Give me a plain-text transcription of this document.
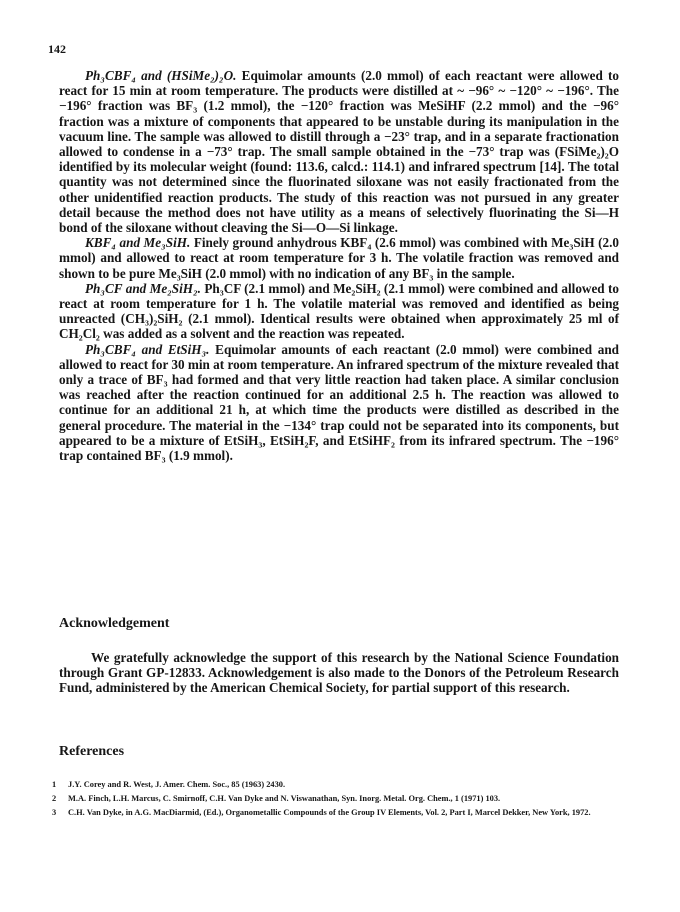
142

Ph₃CBF₄ and (HSiMe₂)₂O. Equimolar amounts (2.0 mmol) of each reactant were allowed to react for 15 min at room temperature. The products were distilled at ~ −96° ~ −120° ~ −196°. The −196° fraction was BF₃ (1.2 mmol), the −120° fraction was MeSiHF (2.2 mmol) and the −96° fraction was a mixture of components that appeared to be unstable during its manipulation in the vacuum line. The sample was allowed to distill through a −23° trap, and in a separate fractionation allowed to condense in a −73° trap. The small sample obtained in the −73° trap was (FSiMe₂)₂O identified by its molecular weight (found: 113.6, calcd.: 114.1) and infrared spectrum [14]. The total quantity was not determined since the fluorinated siloxane was not easily fractionated from the other unidentified reaction products. The study of this reaction was not pursued in any greater detail because the method does not have utility as a means of selectively fluorinating the Si—H bond of the siloxane without cleaving the Si—O—Si linkage.

KBF₄ and Me₃SiH. Finely ground anhydrous KBF₄ (2.6 mmol) was combined with Me₃SiH (2.0 mmol) and allowed to react at room temperature for 3 h. The volatile fraction was removed and shown to be pure Me₃SiH (2.0 mmol) with no indication of any BF₃ in the sample.

Ph₃CF and Me₂SiH₂. Ph₃CF (2.1 mmol) and Me₂SiH₂ (2.1 mmol) were combined and allowed to react at room temperature for 1 h. The volatile material was removed and identified as being unreacted (CH₃)₂SiH₂ (2.1 mmol). Identical results were obtained when approximately 25 ml of CH₂Cl₂ was added as a solvent and the reaction was repeated.

Ph₃CBF₄ and EtSiH₃. Equimolar amounts of each reactant (2.0 mmol) were combined and allowed to react for 30 min at room temperature. An infrared spectrum of the mixture revealed that only a trace of BF₃ had formed and that very little reaction had taken place. A similar conclusion was reached after the reaction continued for an additional 2.5 h. The reaction was allowed to continue for an additional 21 h, at which time the products were distilled as described in the general procedure. The material in the −134° trap could not be separated into its components, but appeared to be a mixture of EtSiH₃, EtSiH₂F, and EtSiHF₂ from its infrared spectrum. The −196° trap contained BF₃ (1.9 mmol).

Acknowledgement

We gratefully acknowledge the support of this research by the National Science Foundation through Grant GP-12833. Acknowledgement is also made to the Donors of the Petroleum Research Fund, administered by the American Chemical Society, for partial support of this research.

References
1	J.Y. Corey and R. West, J. Amer. Chem. Soc., 85 (1963) 2430.
2	M.A. Finch, L.H. Marcus, C. Smirnoff, C.H. Van Dyke and N. Viswanathan, Syn. Inorg. Metal. Org. Chem., 1 (1971) 103.
3	C.H. Van Dyke, in A.G. MacDiarmid, (Ed.), Organometallic Compounds of the Group IV Elements, Vol. 2, Part I, Marcel Dekker, New York, 1972.
